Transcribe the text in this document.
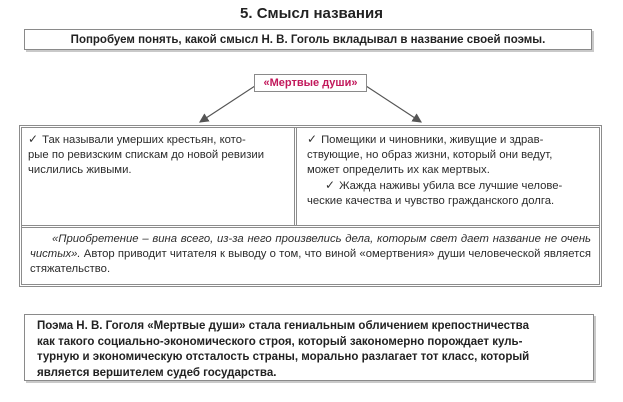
5. Смысл названия
Попробуем понять, какой смысл Н. В. Гоголь вкладывал в название своей поэмы.
«Мертвые души»
✓ Так называли умерших крестьян, кото-
рые по ревизским спискам до новой ревизии
числились живыми.
✓ Помещики и чиновники, живущие и здрав-
ствующие, но образ жизни, который они ведут,
может определить их как мертвых.
✓ Жажда наживы убила все лучшие челове-
ческие качества и чувство гражданского долга.
«Приобретение – вина всего, из-за него произвелись дела, которым свет дает название не очень чистых». Автор приводит читателя к выводу о том, что виной «омертвения» души человеческой является стяжательство.
Поэма Н. В. Гоголя «Мертвые души» стала гениальным обличением крепостничества
как такого социально-экономического строя, который закономерно порождает куль-
турную и экономическую отсталость страны, морально разлагает тот класс, который
является вершителем судеб государства.
